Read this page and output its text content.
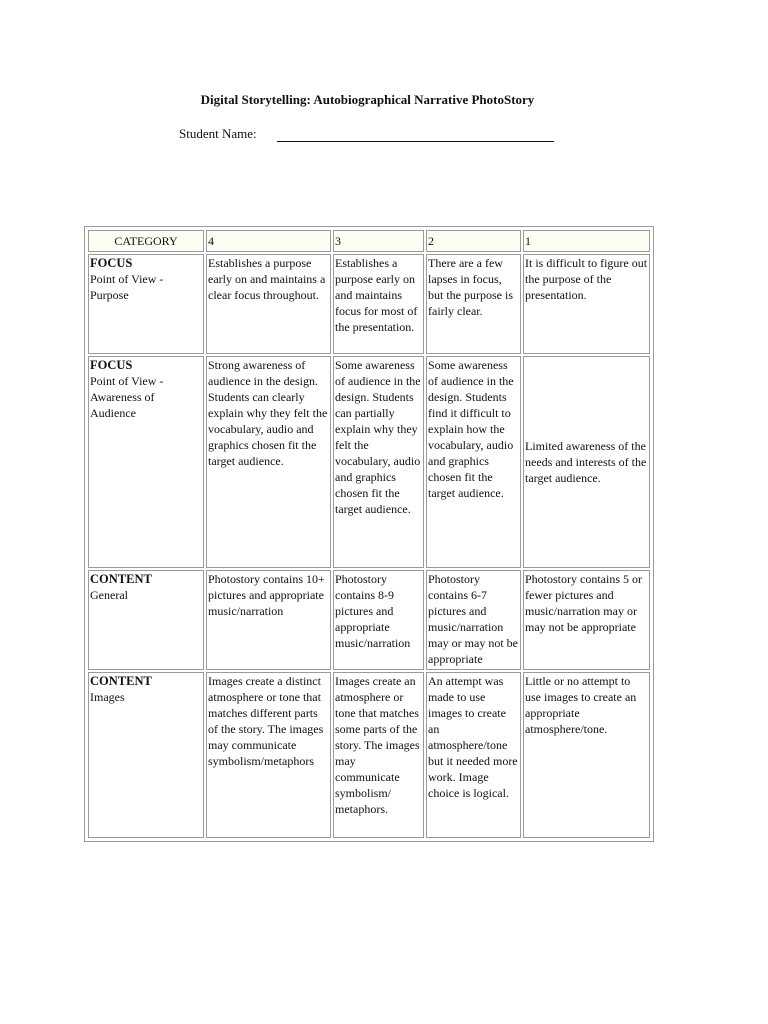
Digital Storytelling: Autobiographical Narrative PhotoStory
Student Name:
CATEGORY	4	3	2	1

FOCUS
Point of View - Purpose	Establishes a purpose early on and maintains a clear focus throughout.	Establishes a purpose early on and maintains focus for most of the presentation.	There are a few lapses in focus, but the purpose is fairly clear.	It is difficult to figure out the purpose of the presentation.

FOCUS
Point of View - Awareness of Audience	Strong awareness of audience in the design. Students can clearly explain why they felt the vocabulary, audio and graphics chosen fit the target audience.	Some awareness of audience in the design. Students can partially explain why they felt the vocabulary, audio and graphics chosen fit the target audience.	Some awareness of audience in the design. Students find it difficult to explain how the vocabulary, audio and graphics chosen fit the target audience.	Limited awareness of the needs and interests of the target audience.

CONTENT
General	Photostory contains 10+ pictures and appropriate music/narration	Photostory contains 8-9 pictures and appropriate music/narration	Photostory contains 6-7 pictures and music/narration may or may not be appropriate	Photostory contains 5 or fewer pictures and music/narration may or may not be appropriate

CONTENT
Images	Images create a distinct atmosphere or tone that matches different parts of the story. The images may communicate symbolism/metaphors	Images create an atmosphere or tone that matches some parts of the story. The images may communicate symbolism/ metaphors.	An attempt was made to use images to create an atmosphere/tone but it needed more work. Image choice is logical.	Little or no attempt to use images to create an appropriate atmosphere/tone.
